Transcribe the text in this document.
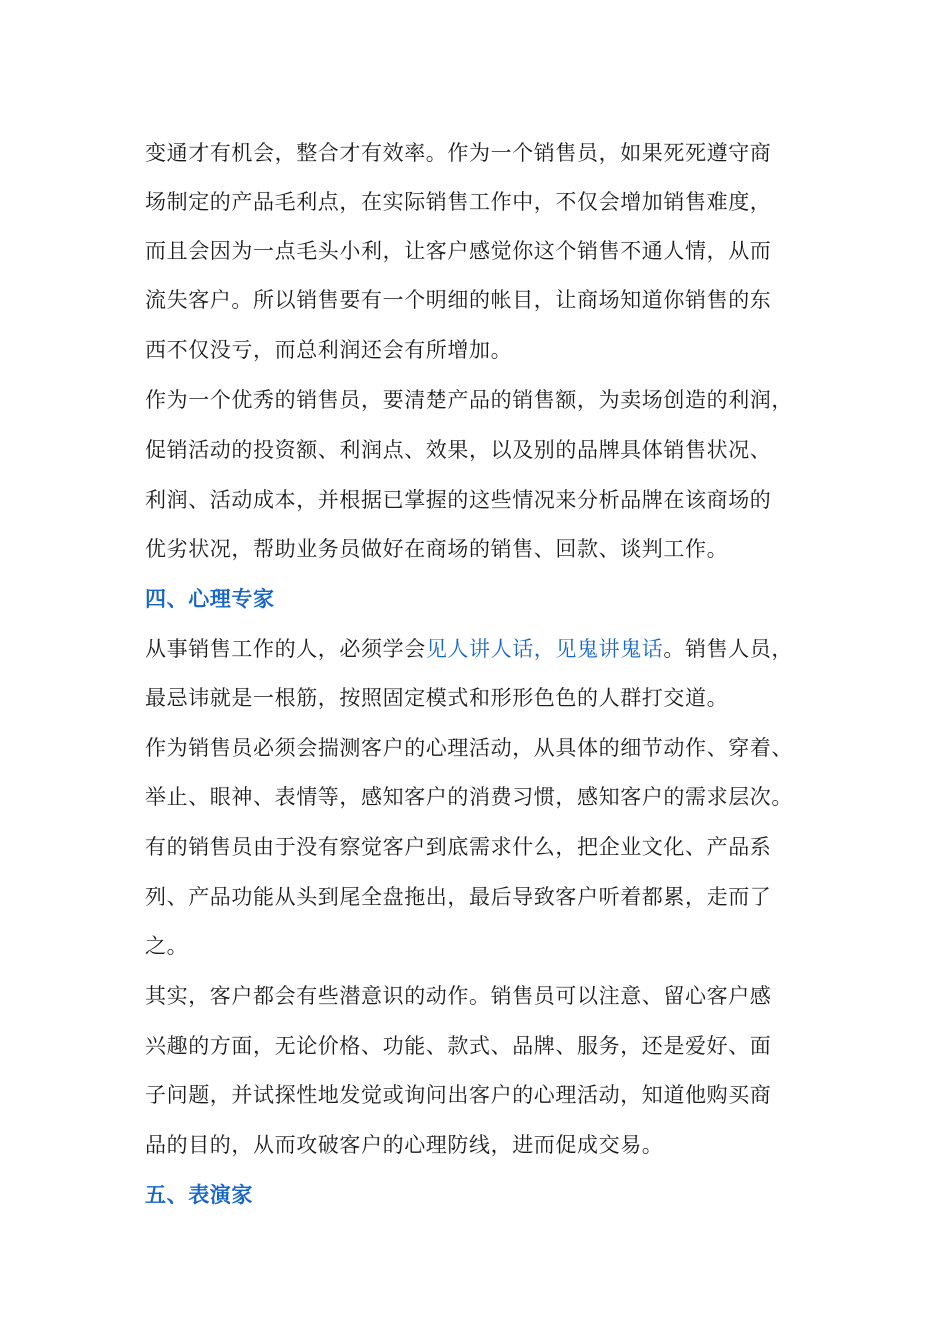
变通才有机会，整合才有效率。作为一个销售员，如果死死遵守商
场制定的产品毛利点，在实际销售工作中，不仅会增加销售难度，
而且会因为一点毛头小利，让客户感觉你这个销售不通人情，从而
流失客户。所以销售要有一个明细的帐目，让商场知道你销售的东
西不仅没亏，而总利润还会有所增加。
作为一个优秀的销售员，要清楚产品的销售额，为卖场创造的利润，
促销活动的投资额、利润点、效果，以及别的品牌具体销售状况、
利润、活动成本，并根据已掌握的这些情况来分析品牌在该商场的
优劣状况，帮助业务员做好在商场的销售、回款、谈判工作。
四、心理专家
从事销售工作的人，必须学会见人讲人话，见鬼讲鬼话。销售人员，
最忌讳就是一根筋，按照固定模式和形形色色的人群打交道。
作为销售员必须会揣测客户的心理活动，从具体的细节动作、穿着、
举止、眼神、表情等，感知客户的消费习惯，感知客户的需求层次。
有的销售员由于没有察觉客户到底需求什么，把企业文化、产品系
列、产品功能从头到尾全盘拖出，最后导致客户听着都累，走而了
之。
其实，客户都会有些潜意识的动作。销售员可以注意、留心客户感
兴趣的方面，无论价格、功能、款式、品牌、服务，还是爱好、面
子问题，并试探性地发觉或询问出客户的心理活动，知道他购买商
品的目的，从而攻破客户的心理防线，进而促成交易。
五、表演家
